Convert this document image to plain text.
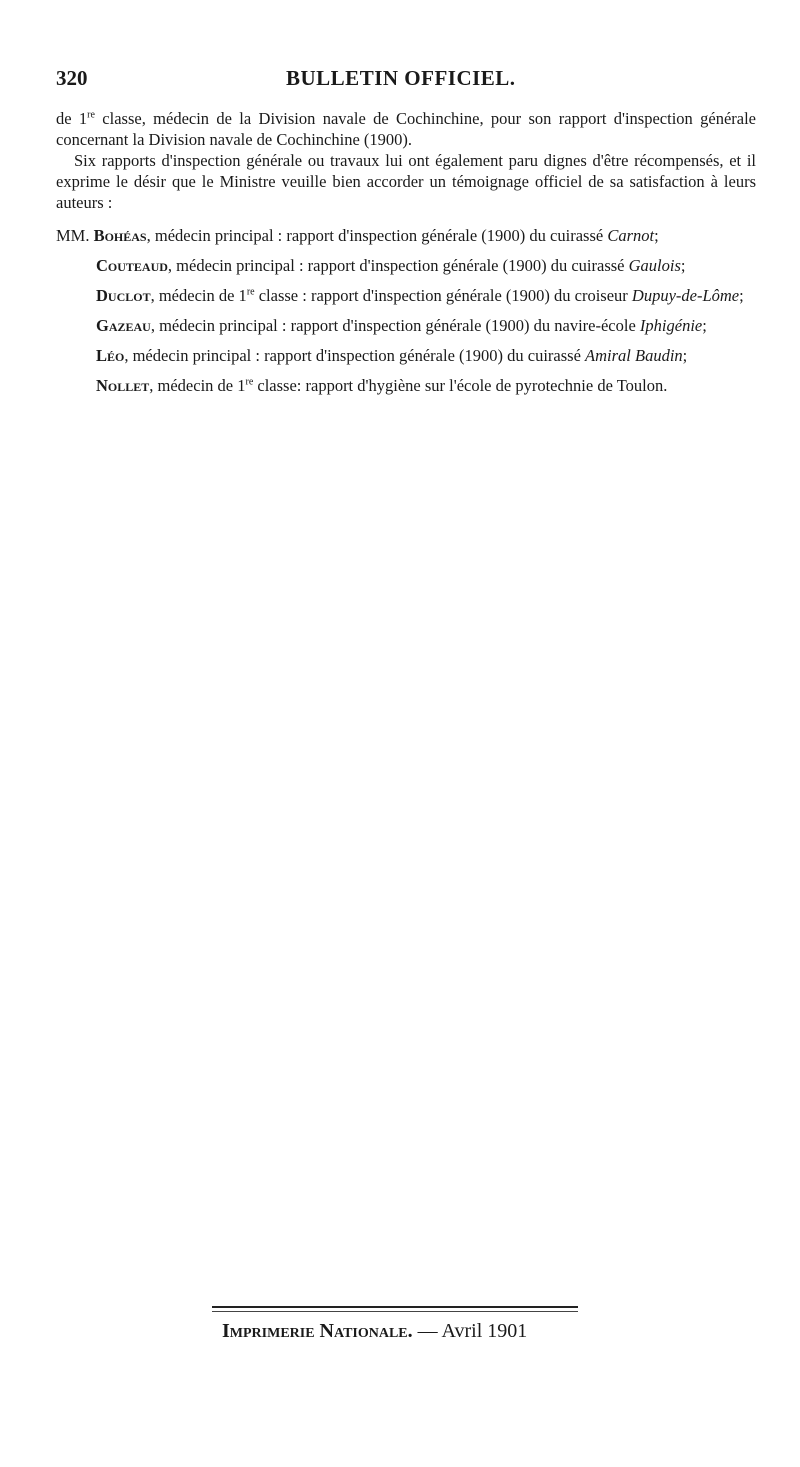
320	BULLETIN OFFICIEL.

de 1re classe, médecin de la Division navale de Cochinchine, pour son rapport d'inspection générale concernant la Division navale de Cochinchine (1900).

Six rapports d'inspection générale ou travaux lui ont également paru dignes d'être récompensés, et il exprime le désir que le Ministre veuille bien accorder un témoignage officiel de sa satisfaction à leurs auteurs :

MM. Bohéas, médecin principal : rapport d'inspection générale (1900) du cuirassé Carnot;

Couteaud, médecin principal : rapport d'inspection générale (1900) du cuirassé Gaulois;

Duclot, médecin de 1re classe : rapport d'inspection générale (1900) du croiseur Dupuy-de-Lôme;

Gazeau, médecin principal : rapport d'inspection générale (1900) du navire-école Iphigénie;

Léo, médecin principal : rapport d'inspection générale (1900) du cuirassé Amiral Baudin;

Nollet, médecin de 1re classe: rapport d'hygiène sur l'école de pyrotechnie de Toulon.

Imprimerie Nationale. — Avril 1901
